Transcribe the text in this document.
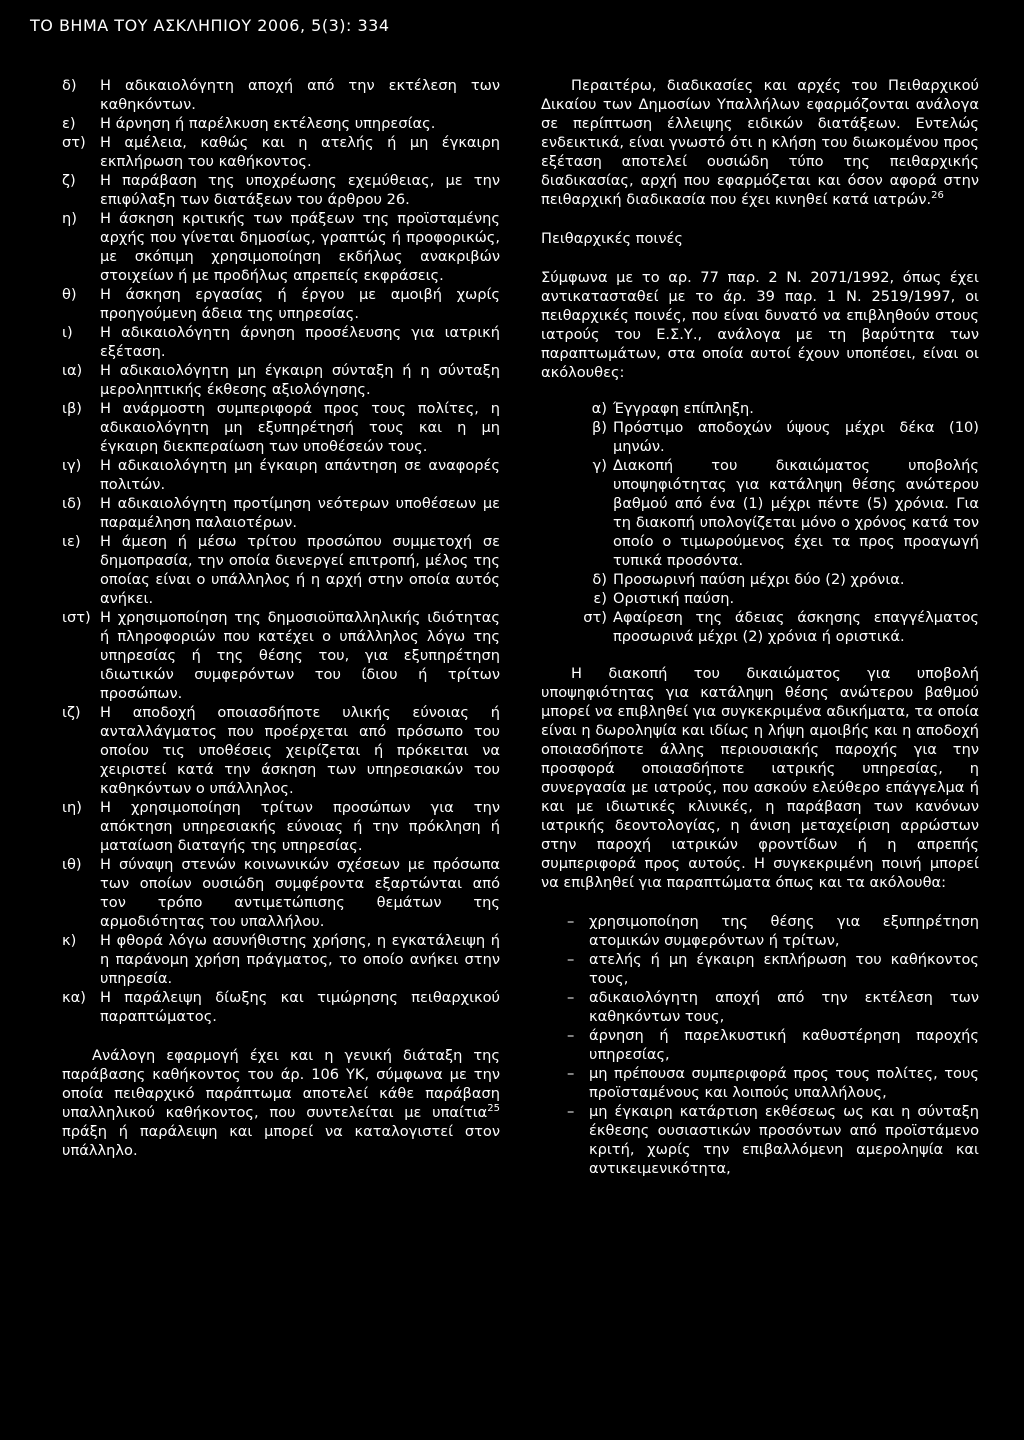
ΤΟ ΒΗΜΑ ΤΟΥ ΑΣΚΛΗΠΙΟΥ 2006, 5(3): 334
δ)	Η αδικαιολόγητη αποχή από την εκτέλεση των καθηκόντων.
ε)	Η άρνηση ή παρέλκυση εκτέλεσης υπηρεσίας.
στ) Η αμέλεια, καθώς και η ατελής ή μη έγκαιρη εκπλήρωση του καθήκοντος.
ζ)	Η παράβαση της υποχρέωσης εχεμύθειας, με την επιφύλαξη των διατάξεων του άρθρου 26.
η)	Η άσκηση κριτικής των πράξεων της προϊσταμένης αρχής που γίνεται δημοσίως, γραπτώς ή προφορικώς, με σκόπιμη χρησιμοποίηση εκδήλως ανακριβών στοιχείων ή με προδήλως απρεπείς εκφράσεις.
θ)	Η άσκηση εργασίας ή έργου με αμοιβή χωρίς προηγούμενη άδεια της υπηρεσίας.
ι)	Η αδικαιολόγητη άρνηση προσέλευσης για ιατρική εξέταση.
ια)	Η αδικαιολόγητη μη έγκαιρη σύνταξη ή η σύνταξη μεροληπτικής έκθεσης αξιολόγησης.
ιβ)	Η ανάρμοστη συμπεριφορά προς τους πολίτες, η αδικαιολόγητη μη εξυπηρέτησή τους και η μη έγκαιρη διεκπεραίωση των υποθέσεών τους.
ιγ)	Η αδικαιολόγητη μη έγκαιρη απάντηση σε αναφορές πολιτών.
ιδ)	Η αδικαιολόγητη προτίμηση νεότερων υποθέσεων με παραμέληση παλαιοτέρων.
ιε)	Η άμεση ή μέσω τρίτου προσώπου συμμετοχή σε δημοπρασία, την οποία διενεργεί επιτροπή, μέλος της οποίας είναι ο υπάλληλος ή η αρχή στην οποία αυτός ανήκει.
ιστ) Η χρησιμοποίηση της δημοσιοϋπαλληλικής ιδιότητας ή πληροφοριών που κατέχει ο υπάλληλος λόγω της υπηρεσίας ή της θέσης του, για εξυπηρέτηση ιδιωτικών συμφερόντων του ίδιου ή τρίτων προσώπων.
ιζ)	Η αποδοχή οποιασδήποτε υλικής εύνοιας ή ανταλλάγματος που προέρχεται από πρόσωπο του οποίου τις υποθέσεις χειρίζεται ή πρόκειται να χειριστεί κατά την άσκηση των υπηρεσιακών του καθηκόντων ο υπάλληλος.
ιη)	Η χρησιμοποίηση τρίτων προσώπων για την απόκτηση υπηρεσιακής εύνοιας ή την πρόκληση ή ματαίωση διαταγής της υπηρεσίας.
ιθ)	Η σύναψη στενών κοινωνικών σχέσεων με πρόσωπα των οποίων ουσιώδη συμφέροντα εξαρτώνται από τον τρόπο αντιμετώπισης θεμάτων της αρμοδιότητας του υπαλλήλου.
κ)	Η φθορά λόγω ασυνήθιστης χρήσης, η εγκατάλειψη ή η παράνομη χρήση πράγματος, το οποίο ανήκει στην υπηρεσία.
κα) Η παράλειψη δίωξης και τιμώρησης πειθαρχικού παραπτώματος.

Ανάλογη εφαρμογή έχει και η γενική διάταξη της παράβασης καθήκοντος του άρ. 106 ΥΚ, σύμφωνα με την οποία πειθαρχικό παράπτωμα αποτελεί κάθε παράβαση υπαλληλικού καθήκοντος, που συντελείται με υπαίτια$^{25}$ πράξη ή παράλειψη και μπορεί να καταλογιστεί στον υπάλληλο.

Περαιτέρω, διαδικασίες και αρχές του Πειθαρχικού Δικαίου των Δημοσίων Υπαλλήλων εφαρμόζονται ανάλογα σε περίπτωση έλλειψης ειδικών διατάξεων. Εντελώς ενδεικτικά, είναι γνωστό ότι η κλήση του διωκομένου προς εξέταση αποτελεί ουσιώδη τύπο της πειθαρχικής διαδικασίας, αρχή που εφαρμόζεται και όσον αφορά στην πειθαρχική διαδικασία που έχει κινηθεί κατά ιατρών.$^{26}$

Πειθαρχικές ποινές

Σύμφωνα με το αρ. 77 παρ. 2 Ν. 2071/1992, όπως έχει αντικατασταθεί με το άρ. 39 παρ. 1 Ν. 2519/1997, οι πειθαρχικές ποινές, που είναι δυνατό να επιβληθούν στους ιατρούς του Ε.Σ.Υ., ανάλογα με τη βαρύτητα των παραπτωμάτων, στα οποία αυτοί έχουν υποπέσει, είναι οι ακόλουθες:

α) Έγγραφη επίπληξη.
β) Πρόστιμο αποδοχών ύψους μέχρι δέκα (10) μηνών.
γ) Διακοπή του δικαιώματος υποβολής υποψηφιότητας για κατάληψη θέσης ανώτερου βαθμού από ένα (1) μέχρι πέντε (5) χρόνια. Για τη διακοπή υπολογίζεται μόνο ο χρόνος κατά τον οποίο ο τιμωρούμενος έχει τα προς προαγωγή τυπικά προσόντα.
δ) Προσωρινή παύση μέχρι δύο (2) χρόνια.
ε) Οριστική παύση.
στ) Αφαίρεση της άδειας άσκησης επαγγέλματος προσωρινά μέχρι (2) χρόνια ή οριστικά.

Η διακοπή του δικαιώματος για υποβολή υποψηφιότητας για κατάληψη θέσης ανώτερου βαθμού μπορεί να επιβληθεί για συγκεκριμένα αδικήματα, τα οποία είναι η δωροληψία και ιδίως η λήψη αμοιβής και η αποδοχή οποιασδήποτε άλλης περιουσιακής παροχής για την προσφορά οποιασδήποτε ιατρικής υπηρεσίας, η συνεργασία με ιατρούς, που ασκούν ελεύθερο επάγγελμα ή και με ιδιωτικές κλινικές, η παράβαση των κανόνων ιατρικής δεοντολογίας, η άνιση μεταχείριση αρρώστων στην παροχή ιατρικών φροντίδων ή η απρεπής συμπεριφορά προς αυτούς. Η συγκεκριμένη ποινή μπορεί να επιβληθεί για παραπτώματα όπως και τα ακόλουθα:

–	χρησιμοποίηση της θέσης για εξυπηρέτηση ατομικών συμφερόντων ή τρίτων,
–	ατελής ή μη έγκαιρη εκπλήρωση του καθήκοντος τους,
–	αδικαιολόγητη αποχή από την εκτέλεση των καθηκόντων τους,
–	άρνηση ή παρελκυστική καθυστέρηση παροχής υπηρεσίας,
–	μη πρέπουσα συμπεριφορά προς τους πολίτες, τους προϊσταμένους και λοιπούς υπαλλήλους,
–	μη έγκαιρη κατάρτιση εκθέσεως ως και η σύνταξη έκθεσης ουσιαστικών προσόντων από προϊστάμενο κριτή, χωρίς την επιβαλλόμενη αμεροληψία και αντικειμενικότητα,
